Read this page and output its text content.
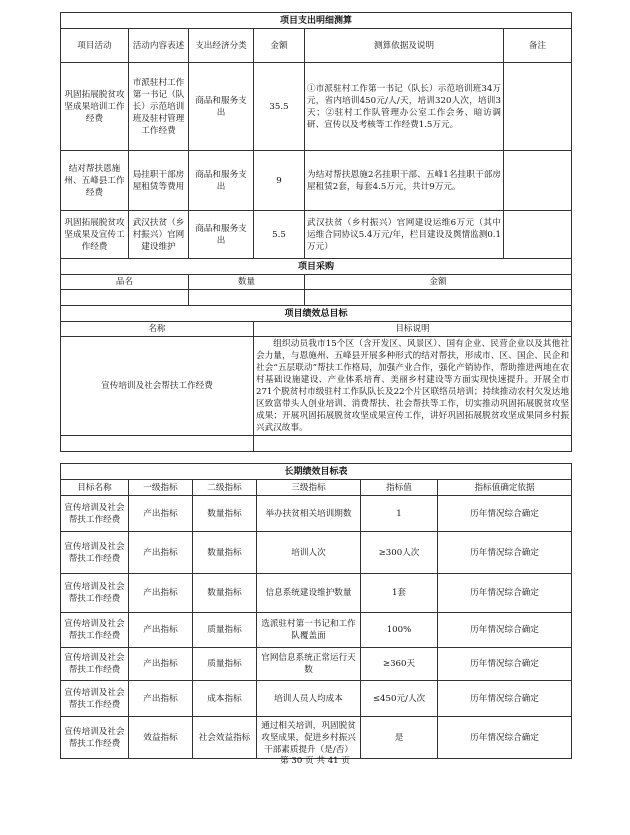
项目支出明细测算					
项目活动	活动内容表述	支出经济分类	金额	测算依据及说明	备注
巩固拓展脱贫攻坚成果培训工作经费	市派驻村工作第一书记（队长）示范培训班及驻村管理工作经费	商品和服务支出	35.5	①市派驻村工作第一书记（队长）示范培训班34万元，省内培训450元/人/天，培训320人次，培训3天；②驻村工作队管理办公室工作会务、暗访调研、宣传以及考核等工作经费1.5万元。	
结对帮扶恩施州、五峰县工作经费	局挂职干部房屋租赁等费用	商品和服务支出	9	为结对帮扶恩施2名挂职干部、五峰1名挂职干部房屋租赁2套，每套4.5万元，共计9万元。	
巩固拓展脱贫攻坚成果及宣传工作经费	武汉扶贫（乡村振兴）官网建设维护	商品和服务支出	5.5	武汉扶贫（乡村振兴）官网建设运维6万元（其中运维合同协议5.4万元/年，栏目建设及舆情监测0.1万元）	
项目采购					
品名		数量		金额	

项目绩效总目标					
名称			目标说明		
宣传培训及社会帮扶工作经费			组织动员我市15个区（含开发区、风景区）、国有企业、民营企业以及其他社会力量，与恩施州、五峰县开展多种形式的结对帮扶，形成市、区、国企、民企和社会“五层联动”帮扶工作格局，加强产业合作，强化产销协作，帮助推进两地在农村基础设施建设、产业体系培育、美丽乡村建设等方面实现快速提升。开展全市271个脱贫村市级驻村工作队队长及22个片区联络员培训；持续推动农村欠发达地区致富带头人创业培训、消费帮扶、社会帮扶等工作，切实推动巩固拓展脱贫攻坚成果；开展巩固拓展脱贫攻坚成果宣传工作，讲好巩固拓展脱贫攻坚成果同乡村振兴武汉故事。		

长期绩效目标表					
目标名称	一级指标	二级指标	三级指标	指标值	指标值确定依据
宣传培训及社会帮扶工作经费	产出指标	数量指标	举办扶贫相关培训期数	1	历年情况综合确定
宣传培训及社会帮扶工作经费	产出指标	数量指标	培训人次	≥300人次	历年情况综合确定
宣传培训及社会帮扶工作经费	产出指标	数量指标	信息系统建设维护数量	1套	历年情况综合确定
宣传培训及社会帮扶工作经费	产出指标	质量指标	选派驻村第一书记和工作队覆盖面	100%	历年情况综合确定
宣传培训及社会帮扶工作经费	产出指标	质量指标	官网信息系统正常运行天数	≥360天	历年情况综合确定
宣传培训及社会帮扶工作经费	产出指标	成本指标	培训人员人均成本	≤450元/人次	历年情况综合确定
宣传培训及社会帮扶工作经费	效益指标	社会效益指标	通过相关培训，巩固脱贫攻坚成果，促进乡村振兴干部素质提升（是/否）	是	历年情况综合确定
第 30 页 共 41 页
